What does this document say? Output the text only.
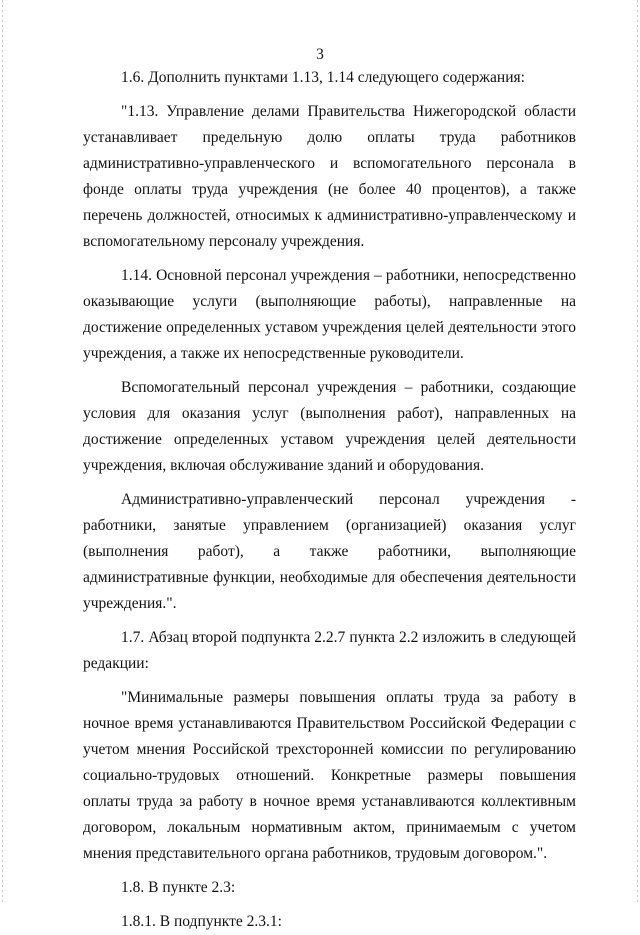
3

1.6. Дополнить пунктами 1.13, 1.14 следующего содержания:

"1.13. Управление делами Правительства Нижегородской области устанавливает предельную долю оплаты труда работников административно-управленческого и вспомогательного персонала в фонде оплаты труда учреждения (не более 40 процентов), а также перечень должностей, относимых к административно-управленческому и вспомогательному персоналу учреждения.

1.14. Основной персонал учреждения – работники, непосредственно оказывающие услуги (выполняющие работы), направленные на достижение определенных уставом учреждения целей деятельности этого учреждения, а также их непосредственные руководители.

Вспомогательный персонал учреждения – работники, создающие условия для оказания услуг (выполнения работ), направленных на достижение определенных уставом учреждения целей деятельности учреждения, включая обслуживание зданий и оборудования.

Административно-управленческий персонал учреждения - работники, занятые управлением (организацией) оказания услуг (выполнения работ), а также работники, выполняющие административные функции, необходимые для обеспечения деятельности учреждения.".

1.7. Абзац второй подпункта 2.2.7 пункта 2.2 изложить в следующей редакции:

"Минимальные размеры повышения оплаты труда за работу в ночное время устанавливаются Правительством Российской Федерации с учетом мнения Российской трехсторонней комиссии по регулированию социально-трудовых отношений. Конкретные размеры повышения оплаты труда за работу в ночное время устанавливаются коллективным договором, локальным нормативным актом, принимаемым с учетом мнения представительного органа работников, трудовым договором.".

1.8. В пункте 2.3:

1.8.1. В подпункте 2.3.1:
